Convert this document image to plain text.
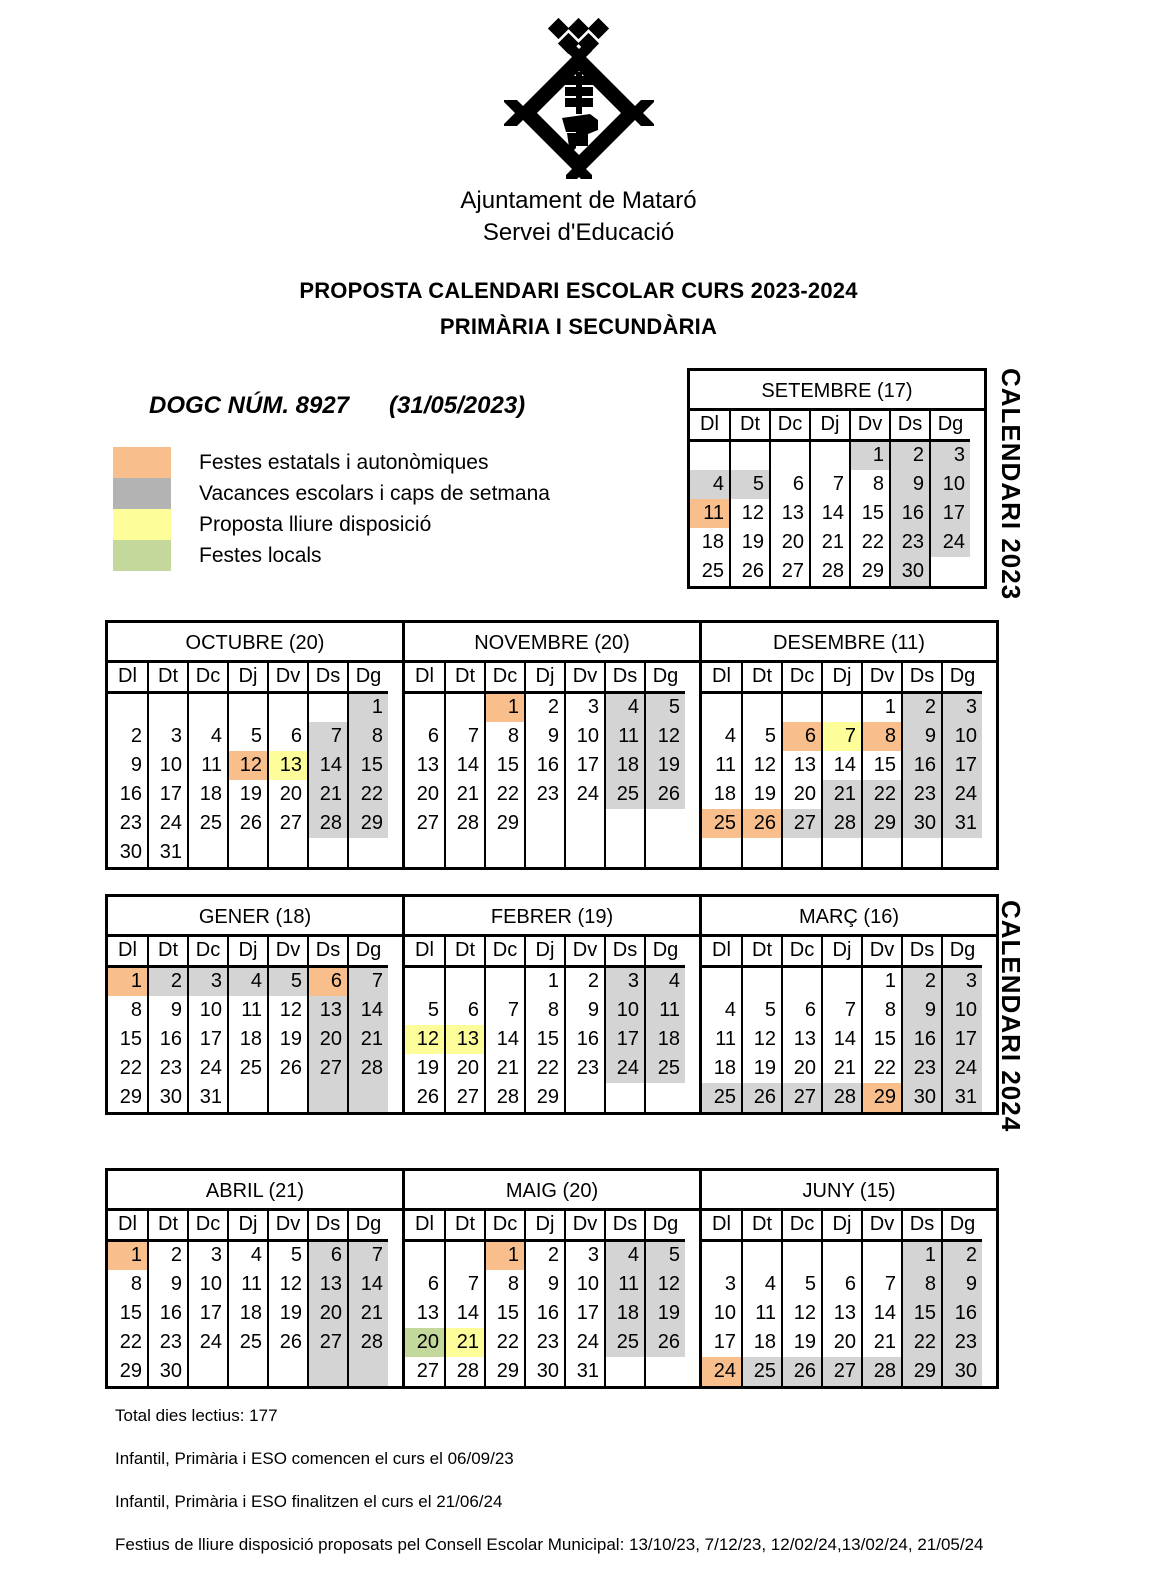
Ajuntament de Mataró
Servei d'Educació
PROPOSTA CALENDARI ESCOLAR CURS 2023-2024
PRIMÀRIA I SECUNDÀRIA
DOGC NÚM. 8927      (31/05/2023)
Festes estatals i autonòmiques
Vacances escolars i caps de setmana
Proposta lliure disposició
Festes locals
SETEMBRE (17)
Dl	Dt	Dc	Dj	Dv	Ds	Dg
				1	2	3
4	5	6	7	8	9	10
11	12	13	14	15	16	17
18	19	20	21	22	23	24
25	26	27	28	29	30	
OCTUBRE (20)
Dl	Dt	Dc	Dj	Dv	Ds	Dg
						1
2	3	4	5	6	7	8
9	10	11	12	13	14	15
16	17	18	19	20	21	22
23	24	25	26	27	28	29
30	31					
NOVEMBRE (20)
Dl	Dt	Dc	Dj	Dv	Ds	Dg
		1	2	3	4	5
6	7	8	9	10	11	12
13	14	15	16	17	18	19
20	21	22	23	24	25	26
27	28	29				

DESEMBRE (11)
Dl	Dt	Dc	Dj	Dv	Ds	Dg
				1	2	3
4	5	6	7	8	9	10
11	12	13	14	15	16	17
18	19	20	21	22	23	24
25	26	27	28	29	30	31

GENER (18)
Dl	Dt	Dc	Dj	Dv	Ds	Dg
1	2	3	4	5	6	7
8	9	10	11	12	13	14
15	16	17	18	19	20	21
22	23	24	25	26	27	28
29	30	31				
FEBRER (19)
Dl	Dt	Dc	Dj	Dv	Ds	Dg
			1	2	3	4
5	6	7	8	9	10	11
12	13	14	15	16	17	18
19	20	21	22	23	24	25
26	27	28	29			
MARÇ (16)
Dl	Dt	Dc	Dj	Dv	Ds	Dg
				1	2	3
4	5	6	7	8	9	10
11	12	13	14	15	16	17
18	19	20	21	22	23	24
25	26	27	28	29	30	31
ABRIL (21)
Dl	Dt	Dc	Dj	Dv	Ds	Dg
1	2	3	4	5	6	7
8	9	10	11	12	13	14
15	16	17	18	19	20	21
22	23	24	25	26	27	28
29	30					
MAIG (20)
Dl	Dt	Dc	Dj	Dv	Ds	Dg
		1	2	3	4	5
6	7	8	9	10	11	12
13	14	15	16	17	18	19
20	21	22	23	24	25	26
27	28	29	30	31		
JUNY (15)
Dl	Dt	Dc	Dj	Dv	Ds	Dg
					1	2
3	4	5	6	7	8	9
10	11	12	13	14	15	16
17	18	19	20	21	22	23
24	25	26	27	28	29	30
CALENDARI 2023
CALENDARI 2024

Total dies lectius: 177

Infantil, Primària i ESO comencen el curs el 06/09/23

Infantil, Primària i ESO finalitzen el curs el 21/06/24

Festius de lliure disposició proposats pel Consell Escolar Municipal: 13/10/23, 7/12/23, 12/02/24,13/02/24, 21/05/24
